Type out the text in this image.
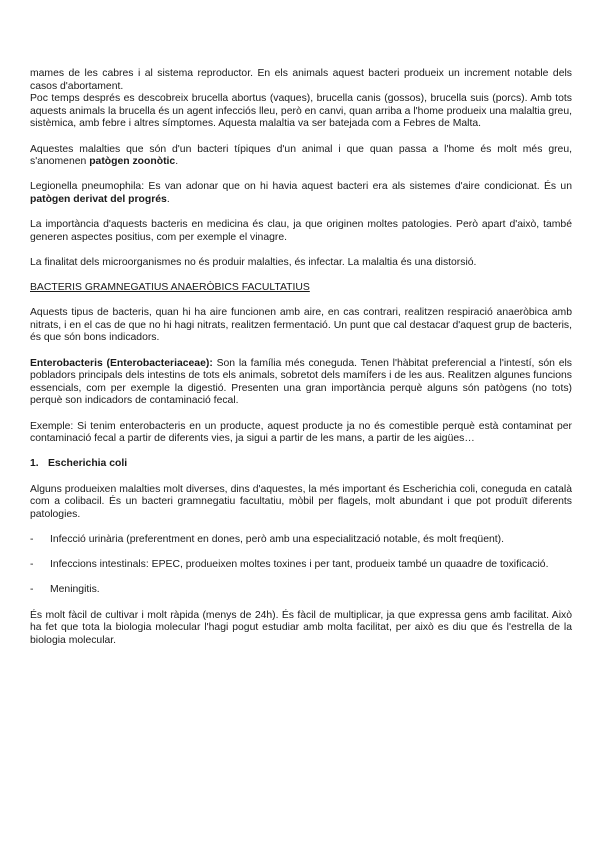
mames de les cabres i al sistema reproductor. En els animals aquest bacteri produeix un increment notable dels casos d'abortament.

Poc temps després es descobreix brucella abortus (vaques), brucella canis (gossos), brucella suis (porcs). Amb tots aquests animals la brucella és un agent infecciós lleu, però en canvi, quan arriba a l'home produeix una malaltia greu, sistèmica, amb febre i altres símptomes. Aquesta malaltia va ser batejada com a Febres de Malta.

Aquestes malalties que són d'un bacteri típiques d'un animal i que quan passa a l'home és molt més greu, s'anomenen patògen zoonòtic.

Legionella pneumophila: Es van adonar que on hi havia aquest bacteri era als sistemes d'aire condicionat. És un patògen derivat del progrés.

La importància d'aquests bacteris en medicina és clau, ja que originen moltes patologies. Però apart d'això, també generen aspectes positius, com per exemple el vinagre.

La finalitat dels microorganismes no és produir malalties, és infectar. La malaltia és una distorsió.

BACTERIS GRAMNEGATIUS ANAERÒBICS FACULTATIUS

Aquests tipus de bacteris, quan hi ha aire funcionen amb aire, en cas contrari, realitzen respiració anaeròbica amb nitrats, i en el cas de que no hi hagi nitrats, realitzen fermentació. Un punt que cal destacar d'aquest grup de bacteris, és que són bons indicadors.

Enterobacteris (Enterobacteriaceae): Son la família més coneguda. Tenen l'hàbitat preferencial a l'intestí, són els pobladors principals dels intestins de tots els animals, sobretot dels mamífers i de les aus. Realitzen algunes funcions essencials, com per exemple la digestió. Presenten una gran importància perquè alguns són patògens (no tots) perquè son indicadors de contaminació fecal.

Exemple: Si tenim enterobacteris en un producte, aquest producte ja no és comestible perquè està contaminat per contaminació fecal a partir de diferents vies, ja sigui a partir de les mans, a partir de les aigües…

1. Escherichia coli

Alguns produeixen malalties molt diverses, dins d'aquestes, la més important és Escherichia coli, coneguda en català com a colibacil. És un bacteri gramnegatiu facultatiu, mòbil per flagels, molt abundant i que pot produït diferents patologies.

-	Infecció urinària (preferentment en dones, però amb una especialització notable, és molt freqüent).
-	Infeccions intestinals: EPEC, produeixen moltes toxines i per tant, produeix també un quaadre de toxificació.
-	Meningitis.

És molt fàcil de cultivar i molt ràpida (menys de 24h). És fàcil de multiplicar, ja que expressa gens amb facilitat. Això ha fet que tota la biologia molecular l'hagi pogut estudiar amb molta facilitat, per això es diu que és l'estrella de la biologia molecular.
